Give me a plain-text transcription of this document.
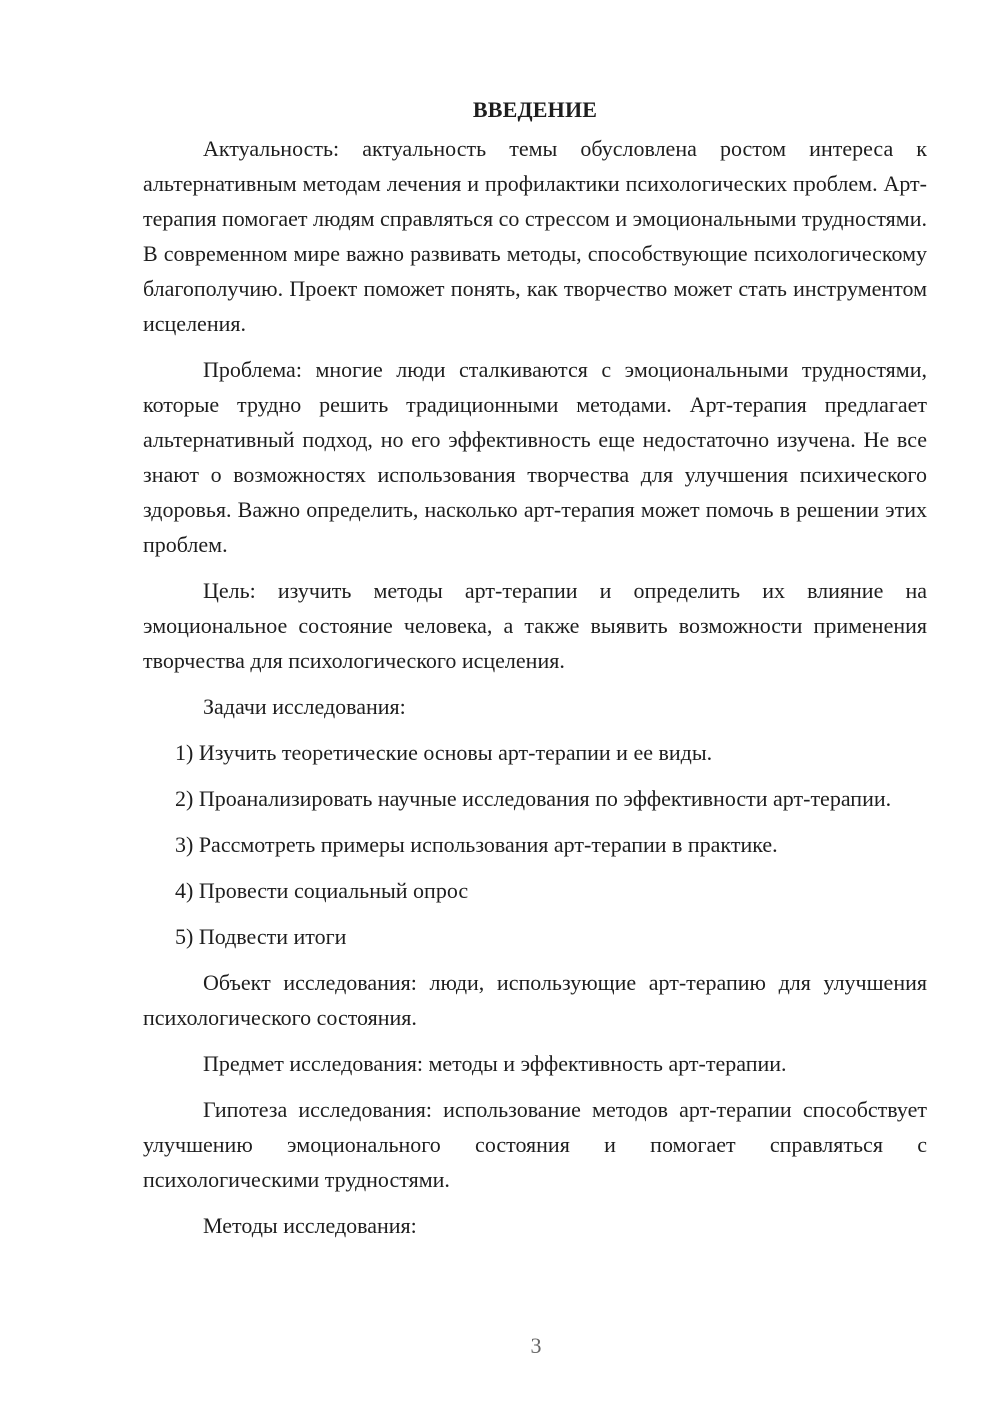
ВВЕДЕНИЕ

Актуальность: актуальность темы обусловлена ростом интереса к альтернативным методам лечения и профилактики психологических проблем. Арт-терапия помогает людям справляться со стрессом и эмоциональными трудностями. В современном мире важно развивать методы, способствующие психологическому благополучию. Проект поможет понять, как творчество может стать инструментом исцеления.

Проблема: многие люди сталкиваются с эмоциональными трудностями, которые трудно решить традиционными методами. Арт-терапия предлагает альтернативный подход, но его эффективность еще недостаточно изучена. Не все знают о возможностях использования творчества для улучшения психического здоровья. Важно определить, насколько арт-терапия может помочь в решении этих проблем.

Цель: изучить методы арт-терапии и определить их влияние на эмоциональное состояние человека, а также выявить возможности применения творчества для психологического исцеления.

Задачи исследования:

1) Изучить теоретические основы арт-терапии и ее виды.

2) Проанализировать научные исследования по эффективности арт-терапии.

3) Рассмотреть примеры использования арт-терапии в практике.

4) Провести социальный опрос

5) Подвести итоги

Объект исследования: люди, использующие арт-терапию для улучшения психологического состояния.

Предмет исследования: методы и эффективность арт-терапии.

Гипотеза исследования: использование методов арт-терапии способствует улучшению эмоционального состояния и помогает справляться с психологическими трудностями.

Методы исследования:

3
